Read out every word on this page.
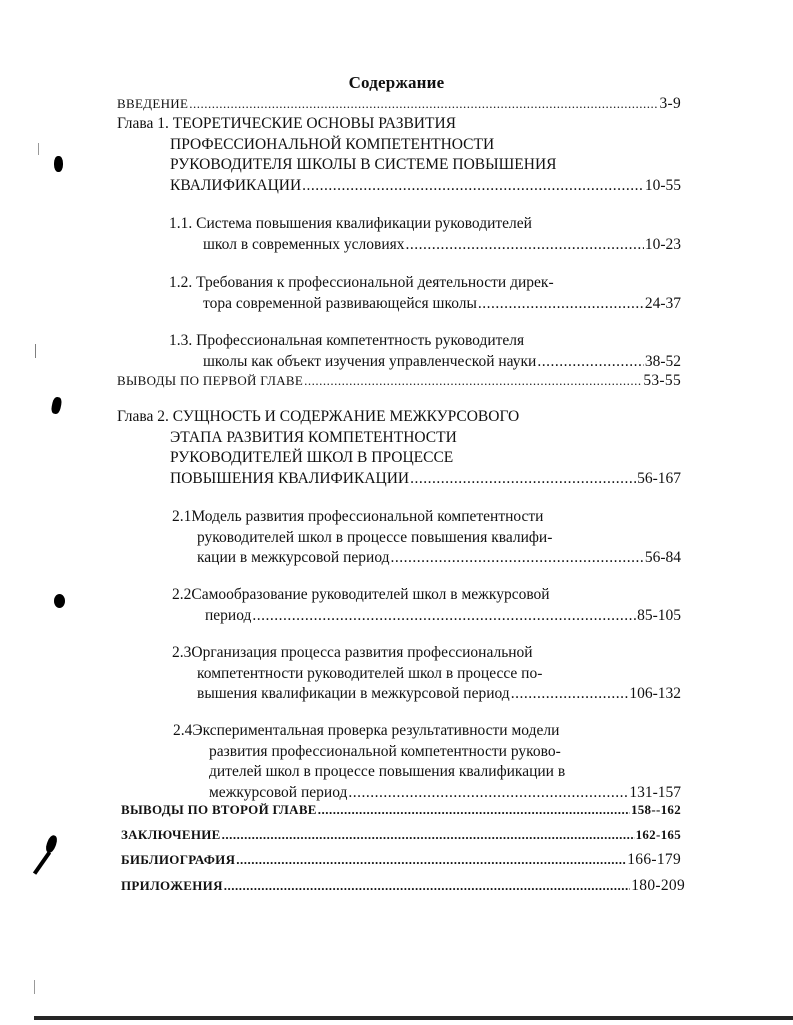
Содержание
ВВЕДЕНИЕ .....	3-9
Глава 1. ТЕОРЕТИЧЕСКИЕ ОСНОВЫ РАЗВИТИЯ
ПРОФЕССИОНАЛЬНОЙ КОМПЕТЕНТНОСТИ
РУКОВОДИТЕЛЯ ШКОЛЫ В СИСТЕМЕ ПОВЫШЕНИЯ
КВАЛИФИКАЦИИ .....	10-55
1.1. Система повышения квалификации руководителей
школ в современных условиях .....	10-23
1.2. Требования к профессиональной деятельности дирек-
тора современной развивающейся школы .....	24-37
1.3. Профессиональная компетентность руководителя
школы как объект изучения управленческой науки .....	38-52
ВЫВОДЫ ПО ПЕРВОЙ ГЛАВЕ .....	53-55
Глава 2. СУЩНОСТЬ И СОДЕРЖАНИЕ МЕЖКУРСОВОГО
ЭТАПА РАЗВИТИЯ КОМПЕТЕНТНОСТИ
РУКОВОДИТЕЛЕЙ ШКОЛ В ПРОЦЕССЕ
ПОВЫШЕНИЯ КВАЛИФИКАЦИИ .....	56-167
2.1Модель развития профессиональной компетентности
руководителей школ в процессе повышения квалифи-
кации в межкурсовой период .....	56-84
2.2Самообразование руководителей школ в межкурсовой
период .....	85-105
2.3Организация процесса развития профессиональной
компетентности руководителей школ в процессе по-
вышения квалификации в межкурсовой период .....	106-132
2.4Экспериментальная проверка результативности модели
развития профессиональной компетентности руково-
дителей школ в процессе повышения квалификации в
межкурсовой период .....	131-157
ВЫВОДЫ ПО ВТОРОЙ ГЛАВЕ .....	158--162
ЗАКЛЮЧЕНИЕ .....	162-165
БИБЛИОГРАФИЯ .....	166-179
ПРИЛОЖЕНИЯ .....	180-209
